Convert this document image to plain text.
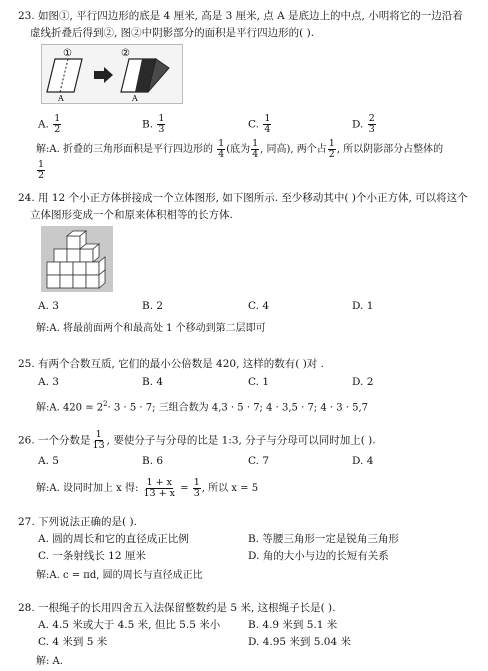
23. 如图①, 平行四边形的底是 4 厘米, 高是 3 厘米, 点 A 是底边上的中点, 小明将它的一边沿着
虚线折叠后得到②, 图②中阴影部分的面积是平行四边形的( ).
①
A
②
A
A. $\frac{1}{2}$	B. $\frac{1}{3}$	C. $\frac{1}{4}$	D. $\frac{2}{3}$
解:A. 折叠的三角形面积是平行四边形的 $\frac{1}{4}$ (底为 $\frac{1}{4}$ , 同高), 两个占 $\frac{1}{2}$ , 所以阴影部分占整体的
$\frac{1}{2}$
24. 用 12 个小正方体拼接成一个立体图形, 如下图所示. 至少移动其中( )个小正方体, 可以将这个
立体图形变成一个和原来体积相等的长方体.
A. 3	B. 2	C. 4	D. 1
解:A. 将最前面两个和最高处 1 个移动到第二层即可
25. 有两个合数互质, 它们的最小公倍数是 420, 这样的数有( )对 .
A. 3	B. 4	C. 1	D. 2
解:A. $420 = 2^2\cdot 3 \cdot 5 \cdot 7$; 三组合数为 4,3 · 5 · 7; 4 · 3,5 · 7; 4 · 3 · 5,7
26. 一个分数是 $\frac{1}{13}$ , 要使分子与分母的比是 1:3, 分子与分母可以同时加上( ).
A. 5	B. 6	C. 7	D. 4
解:A. 设同时加上 x 得: $\frac{1 + x}{13 + x} = \frac{1}{3}$ , 所以 x = 5
27. 下列说法正确的是( ).
A. 圆的周长和它的直径成正比例	B. 等腰三角形一定是锐角三角形
C. 一条射线长 12 厘米	D. 角的大小与边的长短有关系
解:A. c = πd, 圆的周长与直径成正比
28. 一根绳子的长用四舍五入法保留整数约是 5 米, 这根绳子长是( ).
A. 4.5 米或大于 4.5 米, 但比 5.5 米小	B. 4.9 米到 5.1 米
C. 4 米到 5 米	D. 4.95 米到 5.04 米
解: A.
